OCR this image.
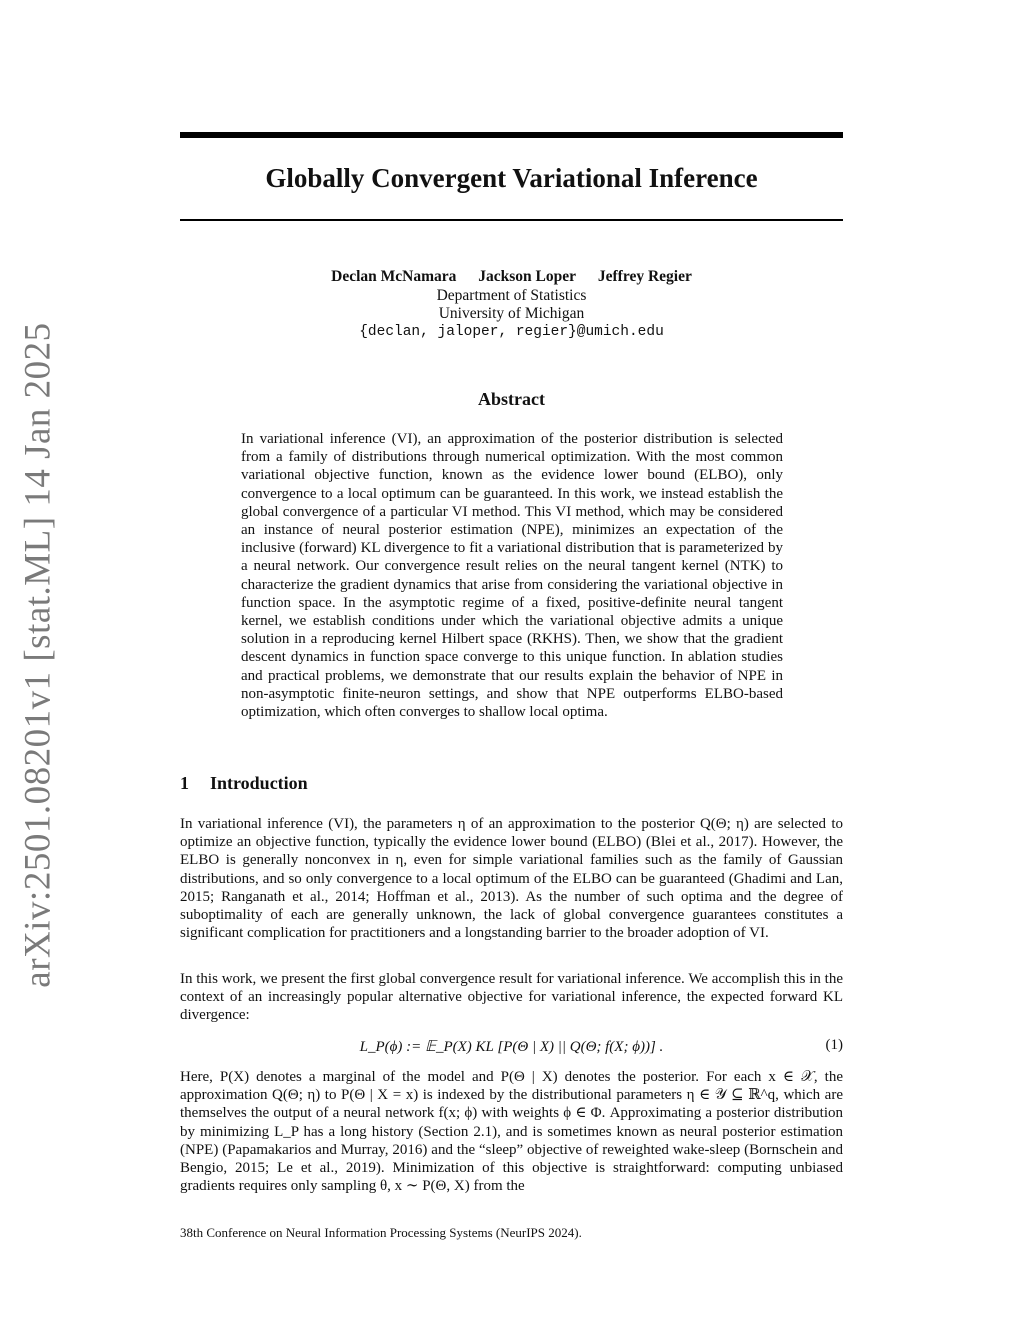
arXiv:2501.08201v1 [stat.ML] 14 Jan 2025
Globally Convergent Variational Inference
Declan McNamara Jackson Loper Jeffrey Regier
Department of Statistics
University of Michigan
{declan, jaloper, regier}@umich.edu
Abstract
In variational inference (VI), an approximation of the posterior distribution is selected from a family of distributions through numerical optimization. With the most common variational objective function, known as the evidence lower bound (ELBO), only convergence to a local optimum can be guaranteed. In this work, we instead establish the global convergence of a particular VI method. This VI method, which may be considered an instance of neural posterior estimation (NPE), minimizes an expectation of the inclusive (forward) KL divergence to fit a variational distribution that is parameterized by a neural network. Our convergence result relies on the neural tangent kernel (NTK) to characterize the gradient dynamics that arise from considering the variational objective in function space. In the asymptotic regime of a fixed, positive-definite neural tangent kernel, we establish conditions under which the variational objective admits a unique solution in a reproducing kernel Hilbert space (RKHS). Then, we show that the gradient descent dynamics in function space converge to this unique function. In ablation studies and practical problems, we demonstrate that our results explain the behavior of NPE in non-asymptotic finite-neuron settings, and show that NPE outperforms ELBO-based optimization, which often converges to shallow local optima.
1 Introduction
In variational inference (VI), the parameters η of an approximation to the posterior Q(Θ; η) are selected to optimize an objective function, typically the evidence lower bound (ELBO) (Blei et al., 2017). However, the ELBO is generally nonconvex in η, even for simple variational families such as the family of Gaussian distributions, and so only convergence to a local optimum of the ELBO can be guaranteed (Ghadimi and Lan, 2015; Ranganath et al., 2014; Hoffman et al., 2013). As the number of such optima and the degree of suboptimality of each are generally unknown, the lack of global convergence guarantees constitutes a significant complication for practitioners and a longstanding barrier to the broader adoption of VI.
In this work, we present the first global convergence result for variational inference. We accomplish this in the context of an increasingly popular alternative objective for variational inference, the expected forward KL divergence:
L_P(ϕ) := 𝔼_P(X) KL [P(Θ | X) || Q(Θ; f(X; ϕ))] .	(1)
Here, P(X) denotes a marginal of the model and P(Θ | X) denotes the posterior. For each x ∈ 𝒳, the approximation Q(Θ; η) to P(Θ | X = x) is indexed by the distributional parameters η ∈ 𝒴 ⊆ ℝ^q, which are themselves the output of a neural network f(x; ϕ) with weights ϕ ∈ Φ. Approximating a posterior distribution by minimizing L_P has a long history (Section 2.1), and is sometimes known as neural posterior estimation (NPE) (Papamakarios and Murray, 2016) and the “sleep” objective of reweighted wake-sleep (Bornschein and Bengio, 2015; Le et al., 2019). Minimization of this objective is straightforward: computing unbiased gradients requires only sampling θ, x ∼ P(Θ, X) from the
38th Conference on Neural Information Processing Systems (NeurIPS 2024).
